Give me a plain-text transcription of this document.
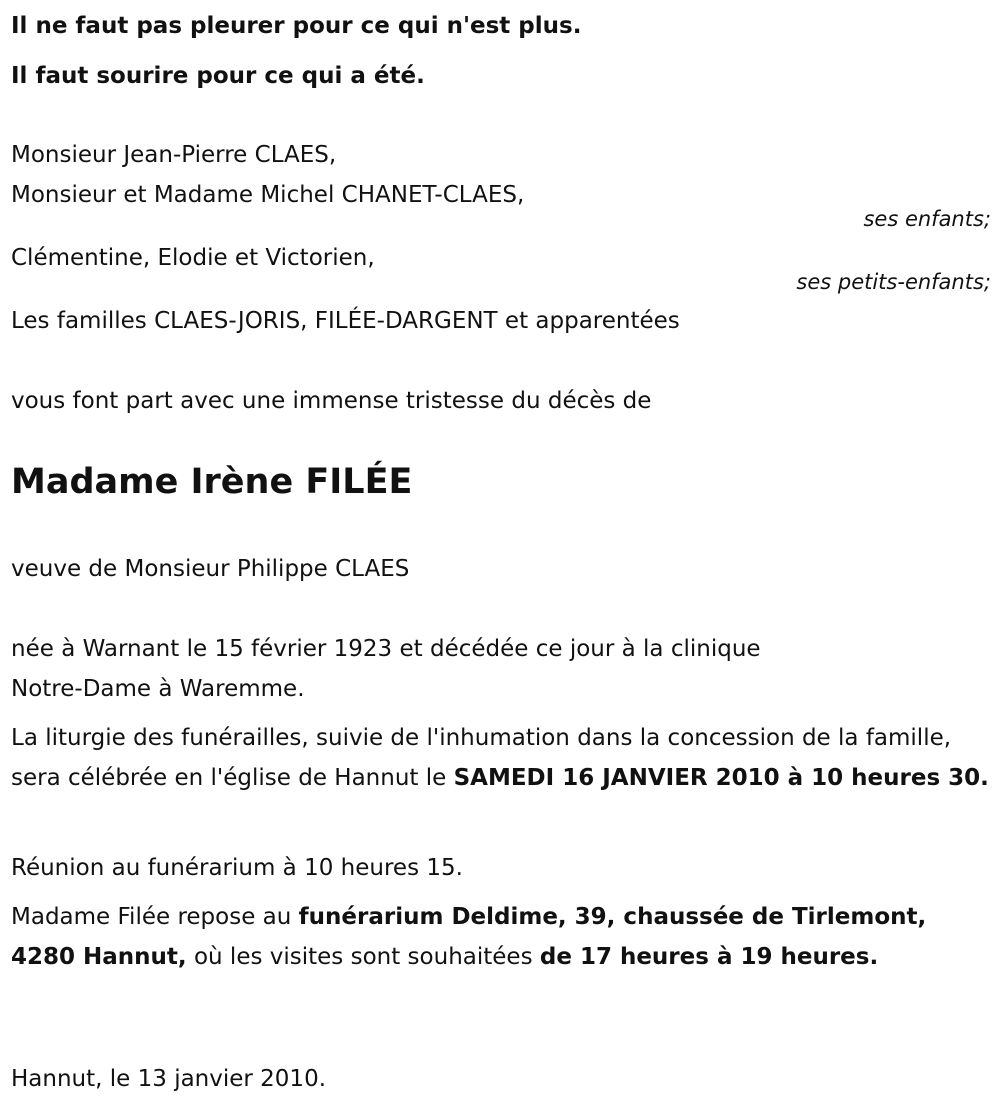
Il ne faut pas pleurer pour ce qui n'est plus.
Il faut sourire pour ce qui a été.
Monsieur Jean-Pierre CLAES,
Monsieur et Madame Michel CHANET-CLAES,
ses enfants;
Clémentine, Elodie et Victorien,
ses petits-enfants;
Les familles CLAES-JORIS, FILÉE-DARGENT et apparentées
vous font part avec une immense tristesse du décès de
Madame Irène FILÉE
veuve de Monsieur Philippe CLAES
née à Warnant le 15 février 1923 et décédée ce jour à la clinique
Notre-Dame à Waremme.
La liturgie des funérailles, suivie de l'inhumation dans la concession de la famille, sera célébrée en l'église de Hannut le SAMEDI 16 JANVIER 2010 à 10 heures 30.
Réunion au funérarium à 10 heures 15.
Madame Filée repose au funérarium Deldime, 39, chaussée de Tirlemont, 4280 Hannut, où les visites sont souhaitées de 17 heures à 19 heures.
Hannut, le 13 janvier 2010.
